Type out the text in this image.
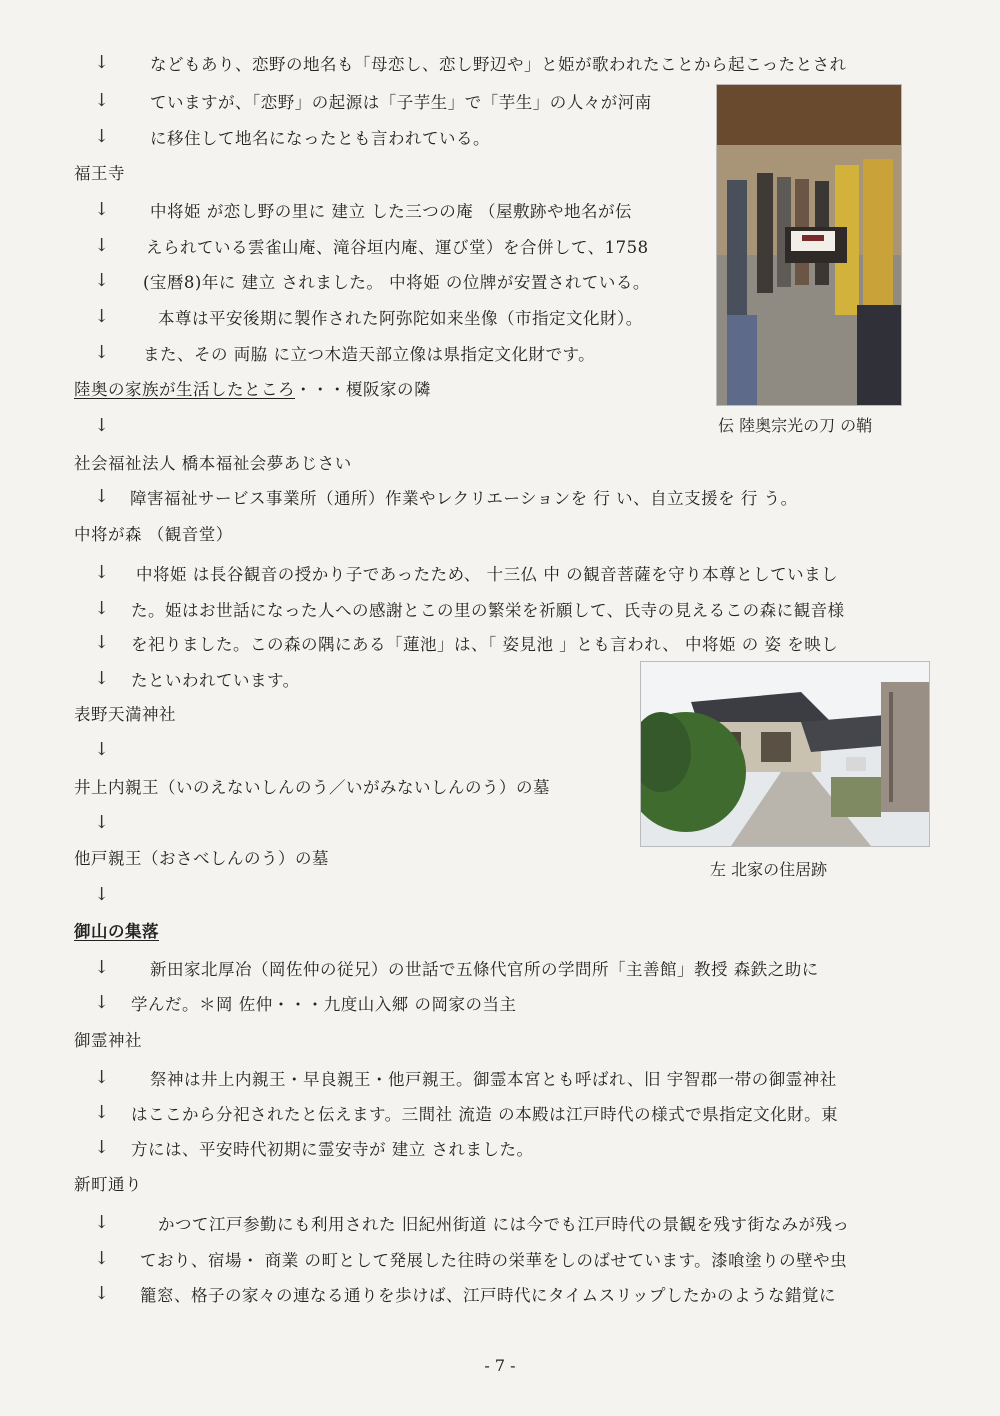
↓ などもあり、恋野の地名も「母恋し、恋し野辺や」と姫が歌われたことから起こったとされ
↓ ていますが、「恋野」の起源は「子芋生」で「芋生」の人々が河南
↓ に移住して地名になったとも言われている。
福王寺
↓ 中将姫 が恋し野の里に 建立 した三つの庵 （屋敷跡や地名が伝
↓ えられている雲雀山庵、滝谷垣内庵、運び堂）を合併して、1758
↓ (宝暦8)年に 建立 されました。 中将姫 の位牌が安置されている。
↓	本尊は平安後期に製作された阿弥陀如来坐像（市指定文化財）。
↓ また、その 両脇 に立つ木造天部立像は県指定文化財です。
伝 陸奥宗光の刀 の鞘
陸奥の家族が生活したところ・・・榎阪家の隣
↓
社会福祉法人 橋本福祉会夢あじさい
↓ 障害福祉サービス事業所（通所）作業やレクリエーションを 行 い、自立支援を 行 う。
中将が森 （観音堂）
↓ 中将姫 は長谷観音の授かり子であったため、 十三仏 中 の観音菩薩を守り本尊としていまし
↓ た。姫はお世話になった人への感謝とこの里の繁栄を祈願して、氏寺の見えるこの森に観音様
↓ を祀りました。この森の隅にある「蓮池」は、「 姿見池 」とも言われ、 中将姫 の 姿 を映し
↓ たといわれています。
左 北家の住居跡
表野天満神社
↓
井上内親王（いのえないしんのう／いがみないしんのう）の墓
↓
他戸親王（おさべしんのう）の墓
↓
御山の集落
↓ 新田家北厚冶（岡佐仲の従兄）の世話で五條代官所の学問所「主善館」教授 森鉄之助に
↓ 学んだ。＊岡 佐仲・・・九度山入郷 の岡家の当主
御霊神社
↓ 祭神は井上内親王・早良親王・他戸親王。御霊本宮とも呼ばれ、旧 宇智郡一帯の御霊神社
↓ はここから分祀されたと伝えます。三間社 流造 の本殿は江戸時代の様式で県指定文化財。東
↓ 方には、平安時代初期に霊安寺が 建立 されました。
新町通り
↓	かつて江戸参勤にも利用された 旧紀州街道 には今でも江戸時代の景観を残す街なみが残っ
↓ ており、宿場・ 商業 の町として発展した往時の栄華をしのばせています。漆喰塗りの壁や虫
↓ 籠窓、格子の家々の連なる通りを歩けば、江戸時代にタイムスリップしたかのような錯覚に
- 7 -
